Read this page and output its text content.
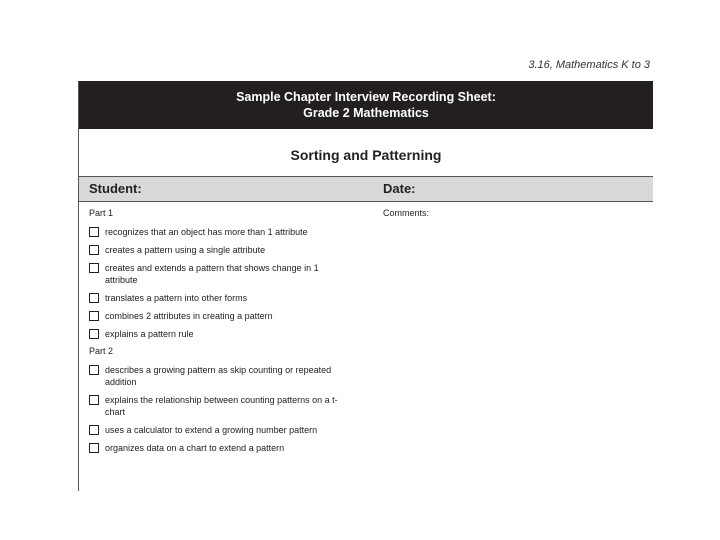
3.16, Mathematics K to 3
Sample Chapter Interview Recording Sheet:
Grade 2 Mathematics
Sorting and Patterning
Student:	Date:
Comments:
Part 1
recognizes that an object has more than 1 attribute
creates a pattern using a single attribute
creates and extends a pattern that shows change in 1 attribute
translates a pattern into other forms
combines 2 attributes in creating a pattern
explains a pattern rule
Part 2
describes a growing pattern as skip counting or repeated addition
explains the relationship between counting patterns on a t-chart
uses a calculator to extend a growing number pattern
organizes data on a chart to extend a pattern
